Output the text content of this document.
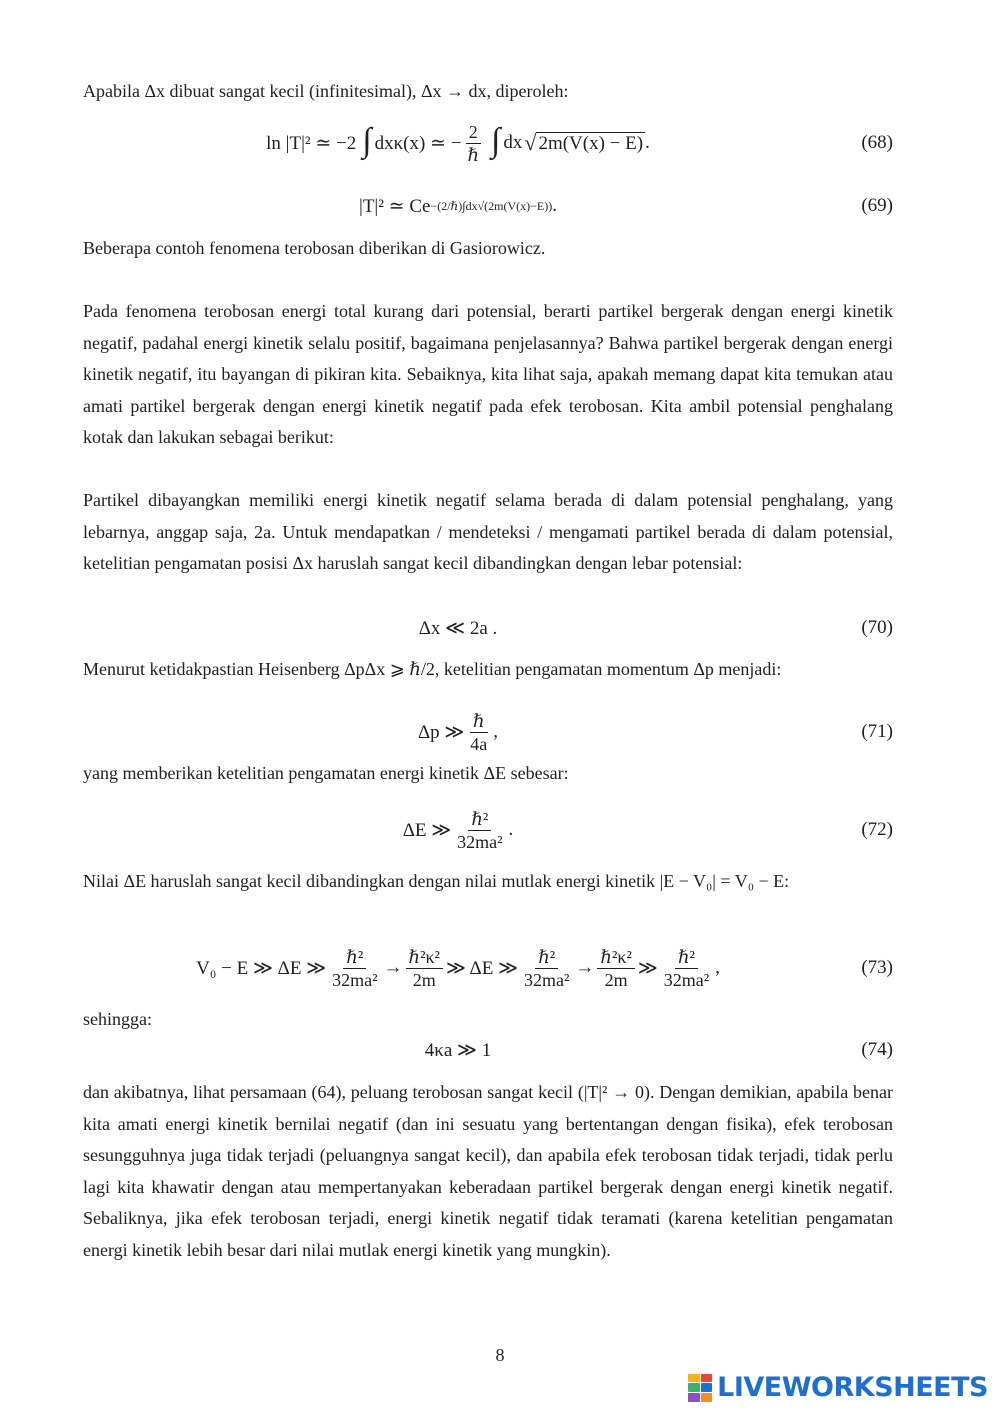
Apabila Δx dibuat sangat kecil (infinitesimal), Δx → dx, diperoleh:

ln |T|² ≃ −2 ∫ dxκ(x) ≃ − $\frac{2}{\text{ℏ}}$ ∫ dx √ 2m(V(x) − E) .	(68)
|T|² ≃ Ce −(2/ℏ)∫dx√(2m(V(x)−E)) .	(69)

Beberapa contoh fenomena terobosan diberikan di Gasiorowicz.

Pada fenomena terobosan energi total kurang dari potensial, berarti partikel bergerak dengan energi kinetik negatif, padahal energi kinetik selalu positif, bagaimana penjelasannya? Bahwa partikel bergerak dengan energi kinetik negatif, itu bayangan di pikiran kita. Sebaiknya, kita lihat saja, apakah memang dapat kita temukan atau amati partikel bergerak dengan energi kinetik negatif pada efek terobosan. Kita ambil potensial penghalang kotak dan lakukan sebagai berikut:

Partikel dibayangkan memiliki energi kinetik negatif selama berada di dalam potensial penghalang, yang lebarnya, anggap saja, 2a. Untuk mendapatkan / mendeteksi / mengamati partikel berada di dalam potensial, ketelitian pengamatan posisi Δx haruslah sangat kecil dibandingkan dengan lebar potensial:

Δx ≪ 2a .	(70)

Menurut ketidakpastian Heisenberg ΔpΔx ⩾ ℏ/2, ketelitian pengamatan momentum Δp menjadi:

Δp ≫ $\frac{\text{ℏ}}{4a}$ ,	(71)

yang memberikan ketelitian pengamatan energi kinetik ΔE sebesar:

ΔE ≫ $\frac{\text{ℏ²}}{\text{32ma²}}$ .	(72)

Nilai ΔE haruslah sangat kecil dibandingkan dengan nilai mutlak energi kinetik |E − V₀| = V₀ − E:

V₀ − E ≫ ΔE ≫ $\frac{\text{ℏ²}}{\text{32ma²}} \to \frac{\text{ℏ²κ²}}{2m}$ ≫ ΔE ≫ $\frac{\text{ℏ²}}{\text{32ma²}} \to \frac{\text{ℏ²κ²}}{2m}$ ≫ $\frac{\text{ℏ²}}{\text{32ma²}}$ ,	(73)

sehingga:

4κa ≫ 1	(74)

dan akibatnya, lihat persamaan (64), peluang terobosan sangat kecil (|T|² → 0). Dengan demikian, apabila benar kita amati energi kinetik bernilai negatif (dan ini sesuatu yang bertentangan dengan fisika), efek terobosan sesungguhnya juga tidak terjadi (peluangnya sangat kecil), dan apabila efek terobosan tidak terjadi, tidak perlu lagi kita khawatir dengan atau mempertanyakan keberadaan partikel bergerak dengan energi kinetik negatif. Sebaliknya, jika efek terobosan terjadi, energi kinetik negatif tidak teramati (karena ketelitian pengamatan energi kinetik lebih besar dari nilai mutlak energi kinetik yang mungkin).

8
LIVEWORKSHEETS
